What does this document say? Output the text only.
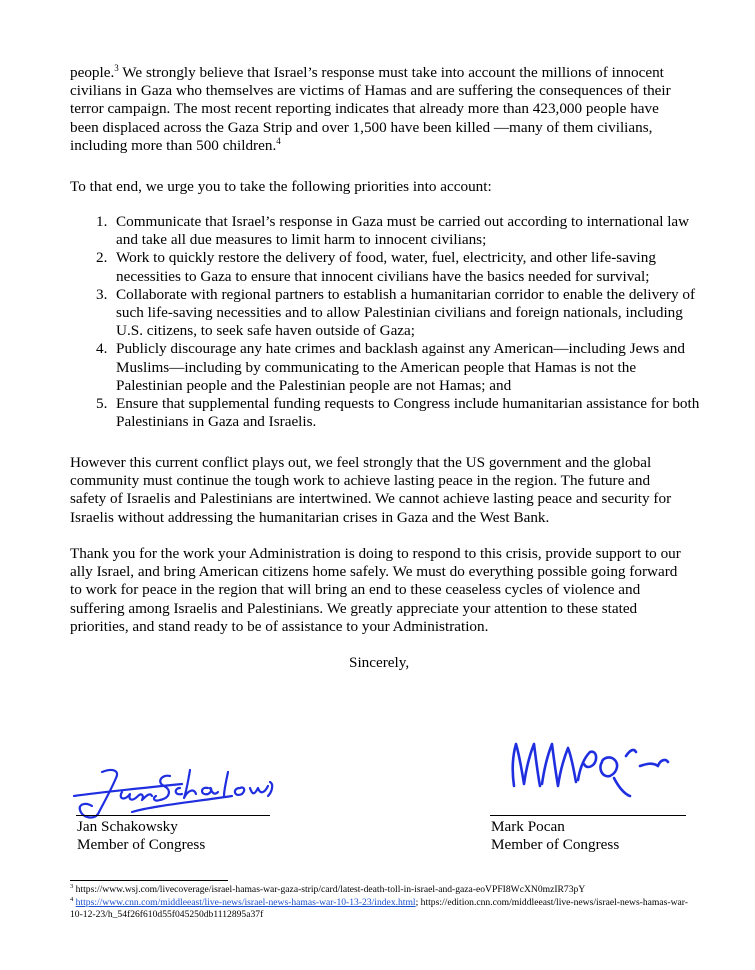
people.$^3$ We strongly believe that Israel’s response must take into account the millions of innocent civilians in Gaza who themselves are victims of Hamas and are suffering the consequences of their terror campaign. The most recent reporting indicates that already more than 423,000 people have been displaced across the Gaza Strip and over 1,500 have been killed —many of them civilians, including more than 500 children.$^4$

To that end, we urge you to take the following priorities into account:

1. Communicate that Israel’s response in Gaza must be carried out according to international law and take all due measures to limit harm to innocent civilians;
2. Work to quickly restore the delivery of food, water, fuel, electricity, and other life-saving necessities to Gaza to ensure that innocent civilians have the basics needed for survival;
3. Collaborate with regional partners to establish a humanitarian corridor to enable the delivery of such life-saving necessities and to allow Palestinian civilians and foreign nationals, including U.S. citizens, to seek safe haven outside of Gaza;
4. Publicly discourage any hate crimes and backlash against any American—including Jews and Muslims—including by communicating to the American people that Hamas is not the Palestinian people and the Palestinian people are not Hamas; and
5. Ensure that supplemental funding requests to Congress include humanitarian assistance for both Palestinians in Gaza and Israelis.

However this current conflict plays out, we feel strongly that the US government and the global community must continue the tough work to achieve lasting peace in the region. The future and safety of Israelis and Palestinians are intertwined. We cannot achieve lasting peace and security for Israelis without addressing the humanitarian crises in Gaza and the West Bank.

Thank you for the work your Administration is doing to respond to this crisis, provide support to our ally Israel, and bring American citizens home safely. We must do everything possible going forward to work for peace in the region that will bring an end to these ceaseless cycles of violence and suffering among Israelis and Palestinians. We greatly appreciate your attention to these stated priorities, and stand ready to be of assistance to your Administration.

Sincerely,
Jan Schakowsky
Member of Congress
Mark Pocan
Member of Congress
$^3$ https://www.wsj.com/livecoverage/israel-hamas-war-gaza-strip/card/latest-death-toll-in-israel-and-gaza-eoVPFI8WcXN0mzIR73pY
$^4$ https://www.cnn.com/middleeast/live-news/israel-news-hamas-war-10-13-23/index.html; https://edition.cnn.com/middleeast/live-news/israel-news-hamas-war-10-12-23/h_54f26f610d55f045250db1112895a37f
